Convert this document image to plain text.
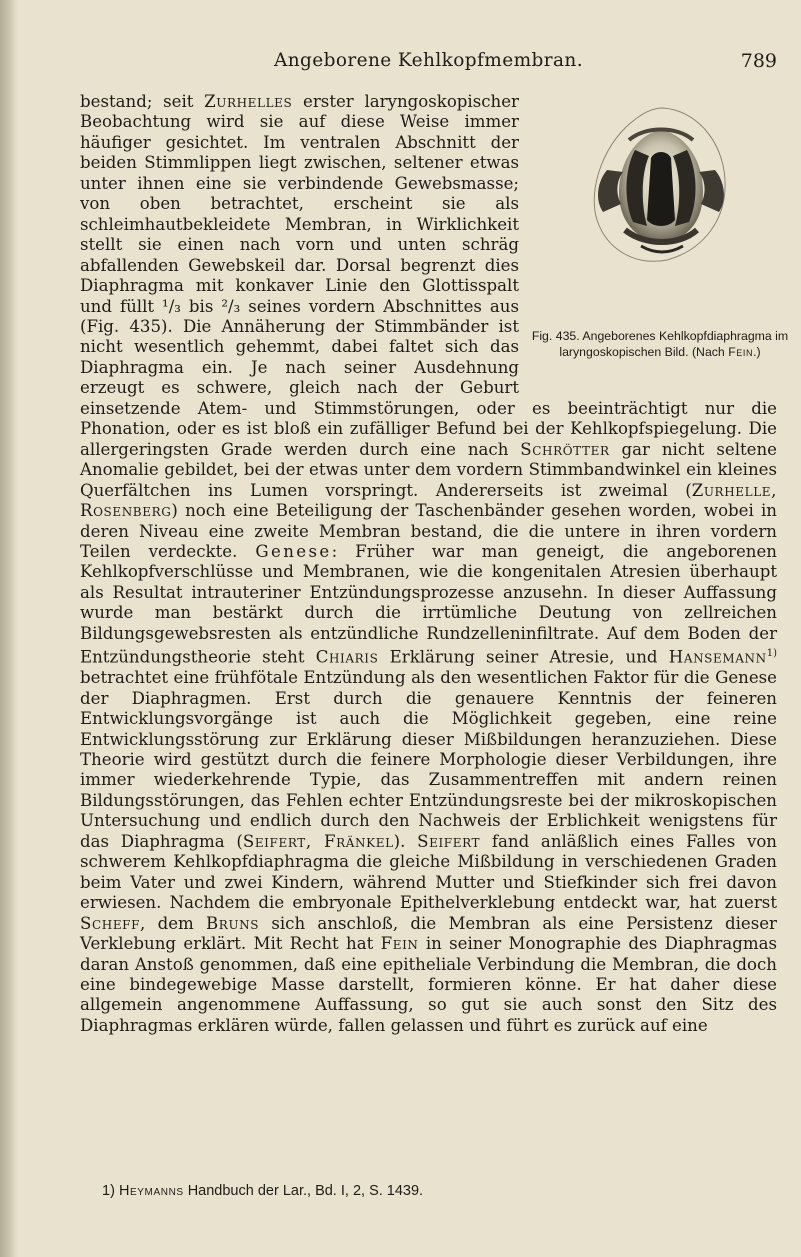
Angeborene Kehlkopfmembran.	789
Fig. 435. Angeborenes Kehlkopfdiaphragma im laryngoskopischen Bild. (Nach Fein.)

bestand; seit Zurhelles erster laryngoskopischer Beobachtung wird sie auf diese Weise immer häufiger gesichtet. Im ventralen Abschnitt der beiden Stimmlippen liegt zwischen, seltener etwas unter ihnen eine sie verbindende Gewebsmasse; von oben betrachtet, erscheint sie als schleimhautbekleidete Membran, in Wirklichkeit stellt sie einen nach vorn und unten schräg abfallenden Gewebskeil dar. Dorsal begrenzt dies Diaphragma mit konkaver Linie den Glottisspalt und füllt ¹/₃ bis ²/₃ seines vordern Abschnittes aus (Fig. 435). Die Annäherung der Stimmbänder ist nicht wesentlich gehemmt, dabei faltet sich das Diaphragma ein. Je nach seiner Ausdehnung erzeugt es schwere, gleich nach der Geburt einsetzende Atem- und Stimmstörungen, oder es beeinträchtigt nur die Phonation, oder es ist bloß ein zufälliger Befund bei der Kehlkopfspiegelung. Die allergeringsten Grade werden durch eine nach Schrötter gar nicht seltene Anomalie gebildet, bei der etwas unter dem vordern Stimmbandwinkel ein kleines Querfältchen ins Lumen vorspringt. Andererseits ist zweimal (Zurhelle, Rosenberg) noch eine Beteiligung der Taschenbänder gesehen worden, wobei in deren Niveau eine zweite Membran bestand, die die untere in ihren vordern Teilen verdeckte. Genese: Früher war man geneigt, die angeborenen Kehlkopfverschlüsse und Membranen, wie die kongenitalen Atresien überhaupt als Resultat intrauteriner Entzündungsprozesse anzusehn. In dieser Auffassung wurde man bestärkt durch die irrtümliche Deutung von zellreichen Bildungsgewebsresten als entzündliche Rundzelleninfiltrate. Auf dem Boden der Entzündungstheorie steht Chiaris Erklärung seiner Atresie, und Hansemann$^{1)}$ betrachtet eine frühfötale Entzündung als den wesentlichen Faktor für die Genese der Diaphragmen. Erst durch die genauere Kenntnis der feineren Entwicklungsvorgänge ist auch die Möglichkeit gegeben, eine reine Entwicklungsstörung zur Erklärung dieser Mißbildungen heranzuziehen. Diese Theorie wird gestützt durch die feinere Morphologie dieser Verbildungen, ihre immer wiederkehrende Typie, das Zusammentreffen mit andern reinen Bildungsstörungen, das Fehlen echter Entzündungsreste bei der mikroskopischen Untersuchung und endlich durch den Nachweis der Erblichkeit wenigstens für das Diaphragma (Seifert, Fränkel). Seifert fand anläßlich eines Falles von schwerem Kehlkopfdiaphragma die gleiche Mißbildung in verschiedenen Graden beim Vater und zwei Kindern, während Mutter und Stiefkinder sich frei davon erwiesen. Nachdem die embryonale Epithelverklebung entdeckt war, hat zuerst Scheff, dem Bruns sich anschloß, die Membran als eine Persistenz dieser Verklebung erklärt. Mit Recht hat Fein in seiner Monographie des Diaphragmas daran Anstoß genommen, daß eine epitheliale Verbindung die Membran, die doch eine bindegewebige Masse darstellt, formieren könne. Er hat daher diese allgemein angenommene Auffassung, so gut sie auch sonst den Sitz des Diaphragmas erklären würde, fallen gelassen und führt es zurück auf eine

1) Heymanns Handbuch der Lar., Bd. I, 2, S. 1439.
